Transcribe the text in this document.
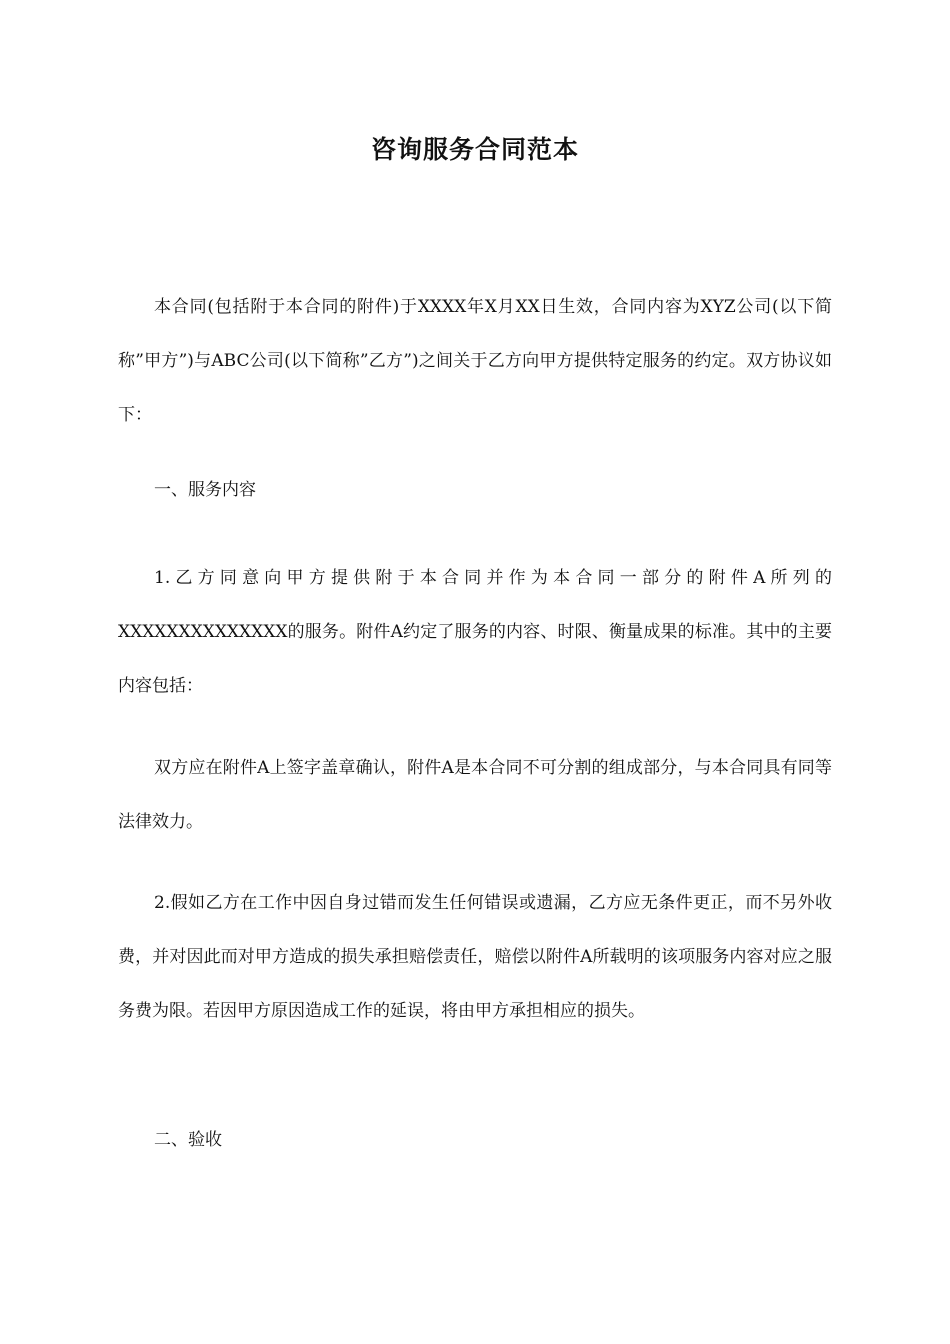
咨询服务合同范本

本合同(包括附于本合同的附件)于XXXX年X月XX日生效，合同内容为XYZ公司(以下简称”甲方”)与ABC公司(以下简称”乙方”)之间关于乙方向甲方提供特定服务的约定。双方协议如下：

一、服务内容

1.乙方同意向甲方提供附于本合同并作为本合同一部分的附件A所列的XXXXXXXXXXXXXX的服务。附件A约定了服务的内容、时限、衡量成果的标准。其中的主要内容包括：

双方应在附件A上签字盖章确认，附件A是本合同不可分割的组成部分，与本合同具有同等法律效力。

2.假如乙方在工作中因自身过错而发生任何错误或遗漏，乙方应无条件更正，而不另外收费，并对因此而对甲方造成的损失承担赔偿责任，赔偿以附件A所载明的该项服务内容对应之服务费为限。若因甲方原因造成工作的延误，将由甲方承担相应的损失。

二、验收
